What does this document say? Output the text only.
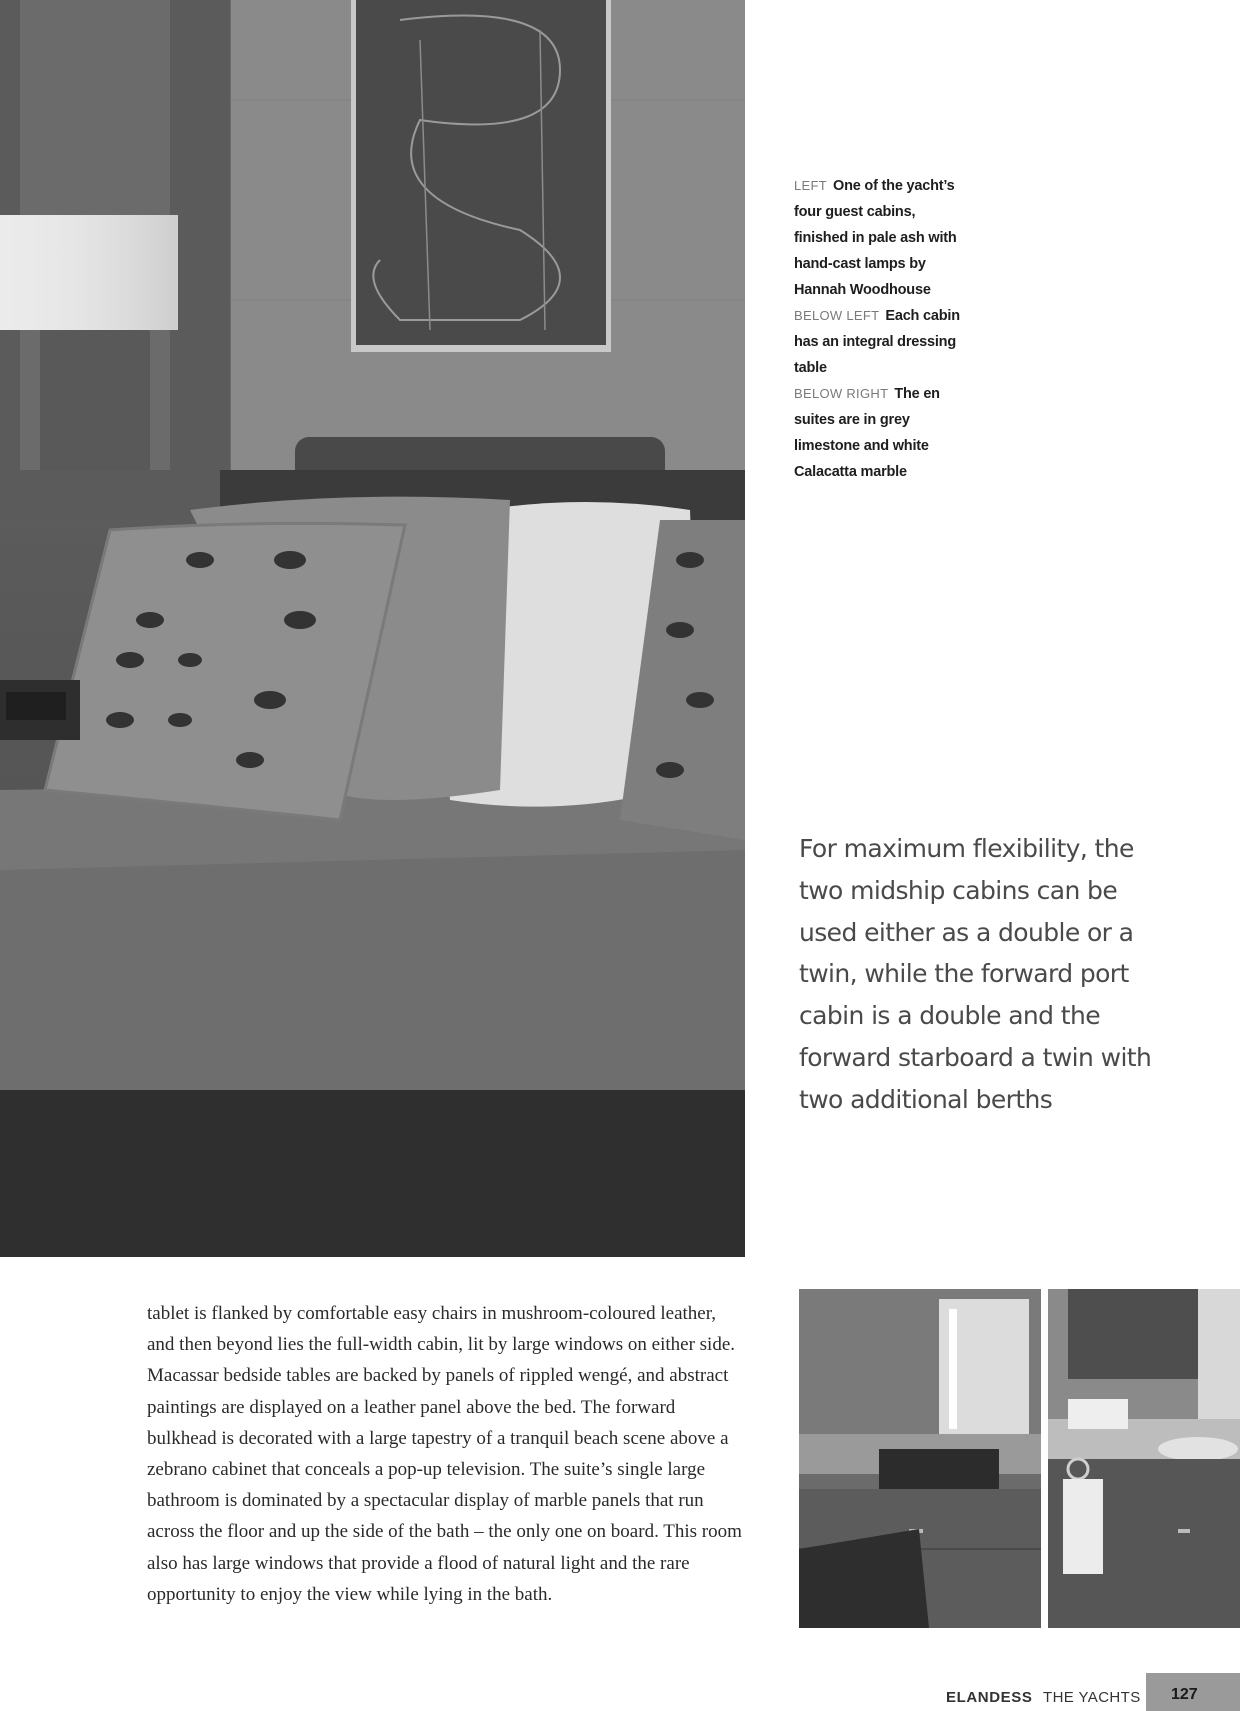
LEFT One of the yacht’s four guest cabins, finished in pale ash with hand-cast lamps by Hannah Woodhouse
BELOW LEFT Each cabin has an integral dressing table
BELOW RIGHT The en suites are in grey limestone and white Calacatta marble
For maximum flexibility, the two midship cabins can be used either as a double or a twin, while the forward port cabin is a double and the forward starboard a twin with two additional berths
tablet is flanked by comfortable easy chairs in mushroom-coloured leather, and then beyond lies the full-width cabin, lit by large windows on either side. Macassar bedside tables are backed by panels of rippled wengé, and abstract paintings are displayed on a leather panel above the bed. The forward bulkhead is decorated with a large tapestry of a tranquil beach scene above a zebrano cabinet that conceals a pop-up television. The suite’s single large bathroom is dominated by a spectacular display of marble panels that run across the floor and up the side of the bath – the only one on board. This room also has large windows that provide a flood of natural light and the rare opportunity to enjoy the view while lying in the bath.
ELANDESS THE YACHTS 127
